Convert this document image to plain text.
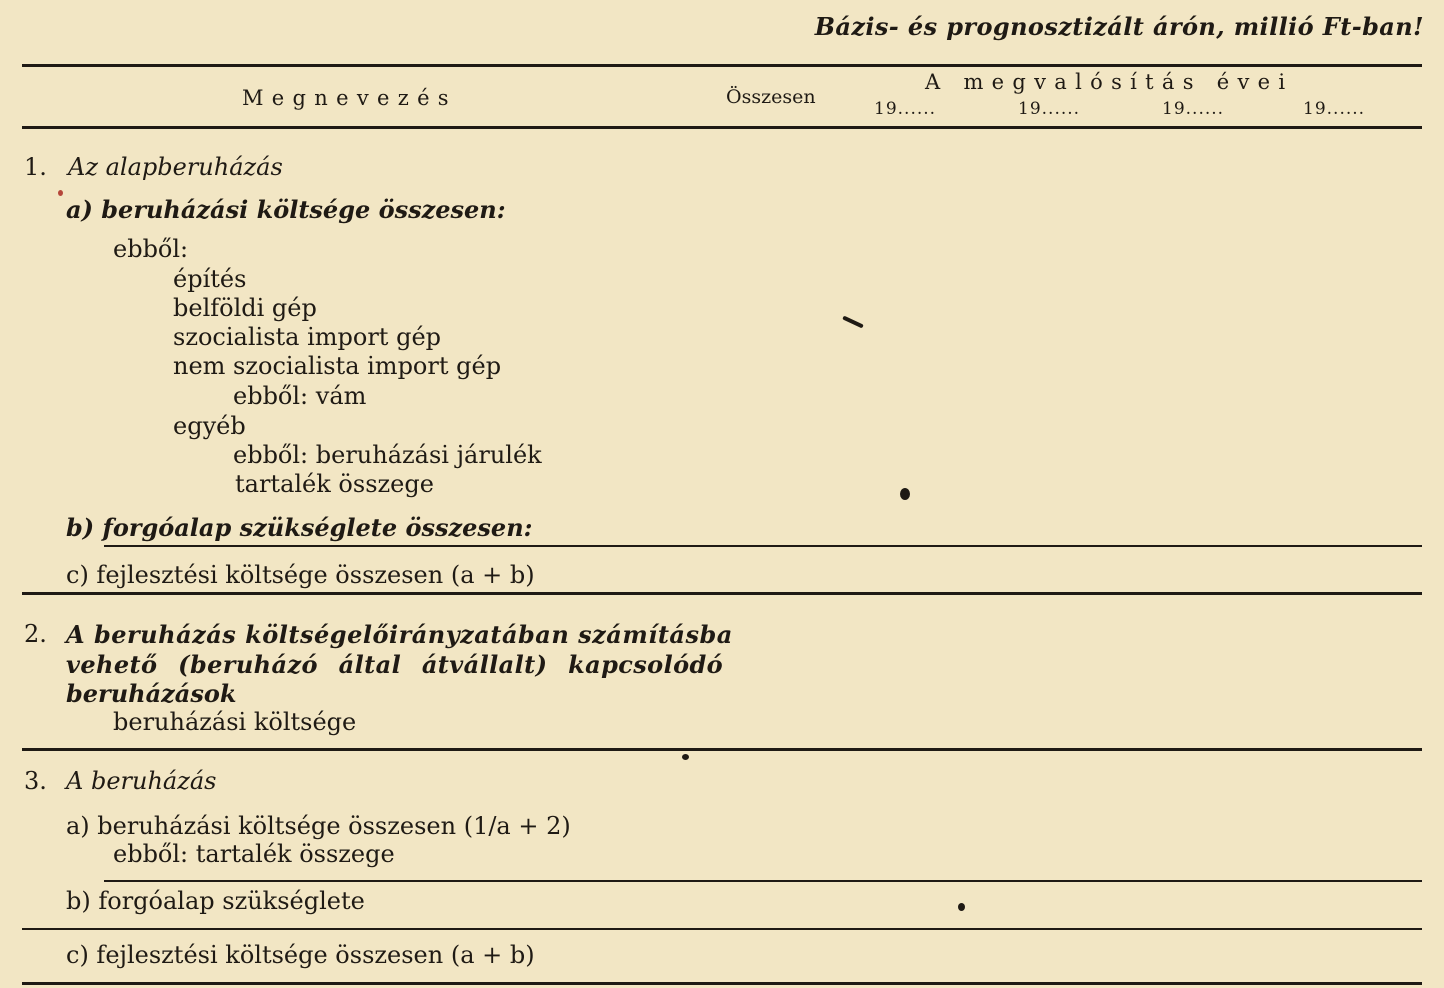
Bázis- és prognosztizált árón, millió Ft-ban!
Megnevezés	Összesen
A megvalósítás évei
19......	19......	19......	19......
1. Az alapberuházás
a) beruházási költsége összesen:
ebből:
építés
belföldi gép
szocialista import gép
nem szocialista import gép
ebből: vám
egyéb
ebből: beruházási járulék
tartalék összege
b) forgóalap szükséglete összesen:
c) fejlesztési költsége összesen (a + b)
2. A beruházás költségelőirányzatában számításba
vehető (beruházó által átvállalt) kapcsolódó
beruházások
beruházási költsége
3. A beruházás
a) beruházási költsége összesen (1/a + 2)
ebből: tartalék összege
b) forgóalap szükséglete
c) fejlesztési költsége összesen (a + b)
